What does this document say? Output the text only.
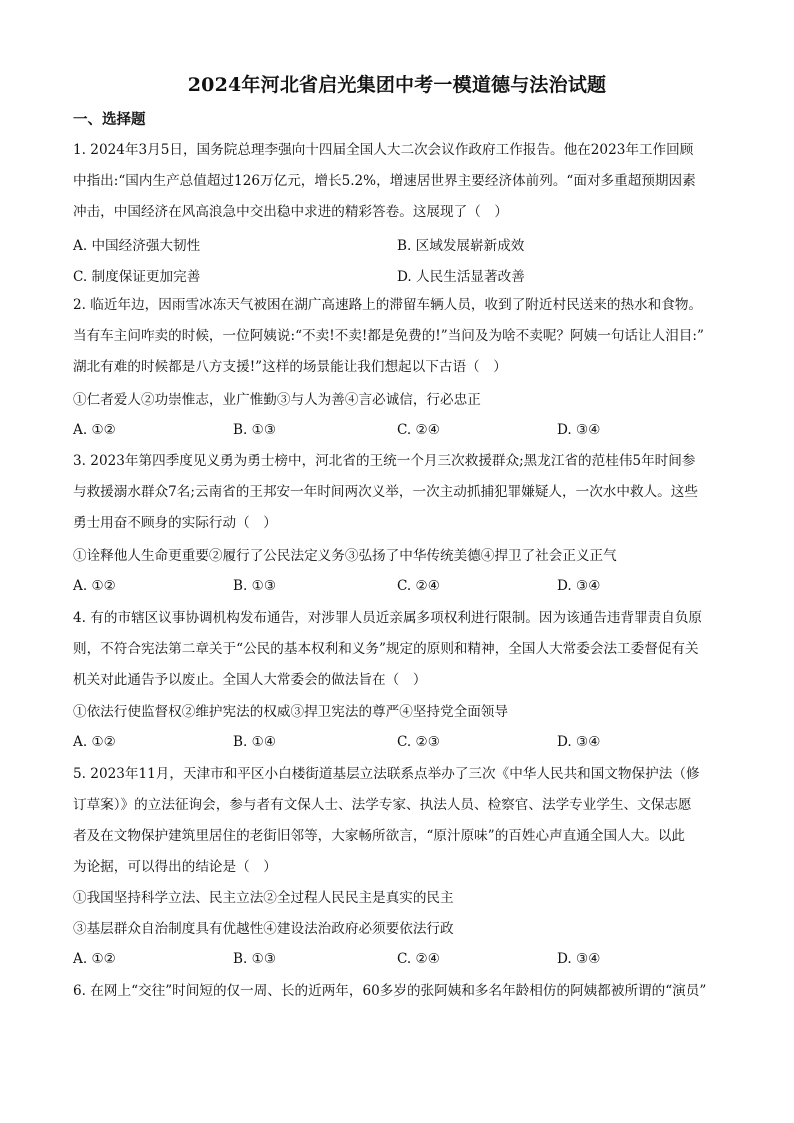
2024年河北省启光集团中考一模道德与法治试题
一、选择题
1. 2024年3月5日，国务院总理李强向十四届全国人大二次会议作政府工作报告。他在2023年工作回顾
中指出:“国内生产总值超过126万亿元，增长5.2%，增速居世界主要经济体前列。“面对多重超预期因素
冲击，中国经济在风高浪急中交出稳中求进的精彩答卷。这展现了（　）
A. 中国经济强大韧性	B. 区域发展崭新成效
C. 制度保证更加完善	D. 人民生活显著改善
2. 临近年边，因雨雪冰冻天气被困在湖广高速路上的滞留车辆人员，收到了附近村民送来的热水和食物。
当有车主问咋卖的时候，一位阿姨说:“不卖!不卖!都是免费的!”当问及为啥不卖呢？阿姨一句话让人泪目:”
湖北有难的时候都是八方支援!”这样的场景能让我们想起以下古语（　）
①仁者爱人②功崇惟志，业广惟勤③与人为善④言必诚信，行必忠正
A. ①②	B. ①③	C. ②④	D. ③④
3. 2023年第四季度见义勇为勇士榜中，河北省的王统一个月三次救援群众;黑龙江省的范桂伟5年时间参
与救援溺水群众7名;云南省的王邦安一年时间两次义举，一次主动抓捕犯罪嫌疑人，一次水中救人。这些
勇士用奋不顾身的实际行动（　）
①诠释他人生命更重要②履行了公民法定义务③弘扬了中华传统美德④捍卫了社会正义正气
A. ①②	B. ①③	C. ②④	D. ③④
4. 有的市辖区议事协调机构发布通告，对涉罪人员近亲属多项权利进行限制。因为该通告违背罪责自负原
则，不符合宪法第二章关于“公民的基本权利和义务”规定的原则和精神，全国人大常委会法工委督促有关
机关对此通告予以废止。全国人大常委会的做法旨在（　）
①依法行使监督权②维护宪法的权威③捍卫宪法的尊严④坚持党全面领导
A. ①②	B. ①④	C. ②③	D. ③④
5. 2023年11月，天津市和平区小白楼街道基层立法联系点举办了三次《中华人民共和国文物保护法（修
订草案）》的立法征询会，参与者有文保人士、法学专家、执法人员、检察官、法学专业学生、文保志愿
者及在文物保护建筑里居住的老街旧邻等，大家畅所欲言，“原汁原味”的百姓心声直通全国人大。以此
为论据，可以得出的结论是（　）
①我国坚持科学立法、民主立法②全过程人民民主是真实的民主
③基层群众自治制度具有优越性④建设法治政府必须要依法行政
A. ①②	B. ①③	C. ②④	D. ③④
6. 在网上“交往”时间短的仅一周、长的近两年，60多岁的张阿姨和多名年龄相仿的阿姨都被所谓的“演员”
